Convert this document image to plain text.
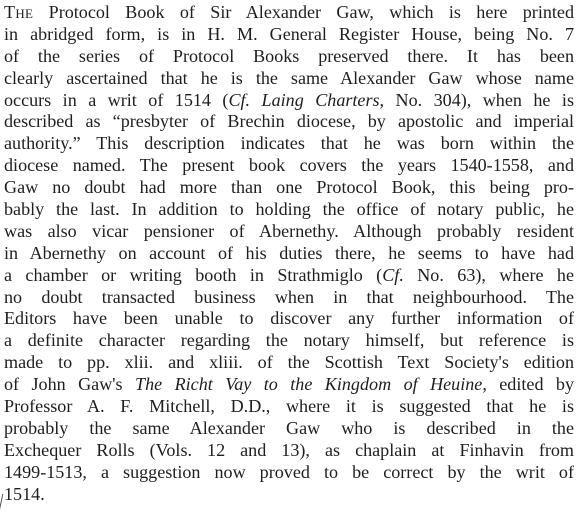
The Protocol Book of Sir Alexander Gaw, which is here printed
in abridged form, is in H. M. General Register House, being No. 7
of the series of Protocol Books preserved there. It has been
clearly ascertained that he is the same Alexander Gaw whose name
occurs in a writ of 1514 (Cf. Laing Charters, No. 304), when he is
described as “presbyter of Brechin diocese, by apostolic and imperial
authority.” This description indicates that he was born within the
diocese named. The present book covers the years 1540-1558, and
Gaw no doubt had more than one Protocol Book, this being pro-
bably the last. In addition to holding the office of notary public, he
was also vicar pensioner of Abernethy. Although probably resident
in Abernethy on account of his duties there, he seems to have had
a chamber or writing booth in Strathmiglo (Cf. No. 63), where he
no doubt transacted business when in that neighbourhood. The
Editors have been unable to discover any further information of
a definite character regarding the notary himself, but reference is
made to pp. xlii. and xliii. of the Scottish Text Society's edition
of John Gaw's The Richt Vay to the Kingdom of Heuine, edited by
Professor A. F. Mitchell, D.D., where it is suggested that he is
probably the same Alexander Gaw who is described in the
Exchequer Rolls (Vols. 12 and 13), as chaplain at Finhavin from
1499-1513, a suggestion now proved to be correct by the writ of
1514.
